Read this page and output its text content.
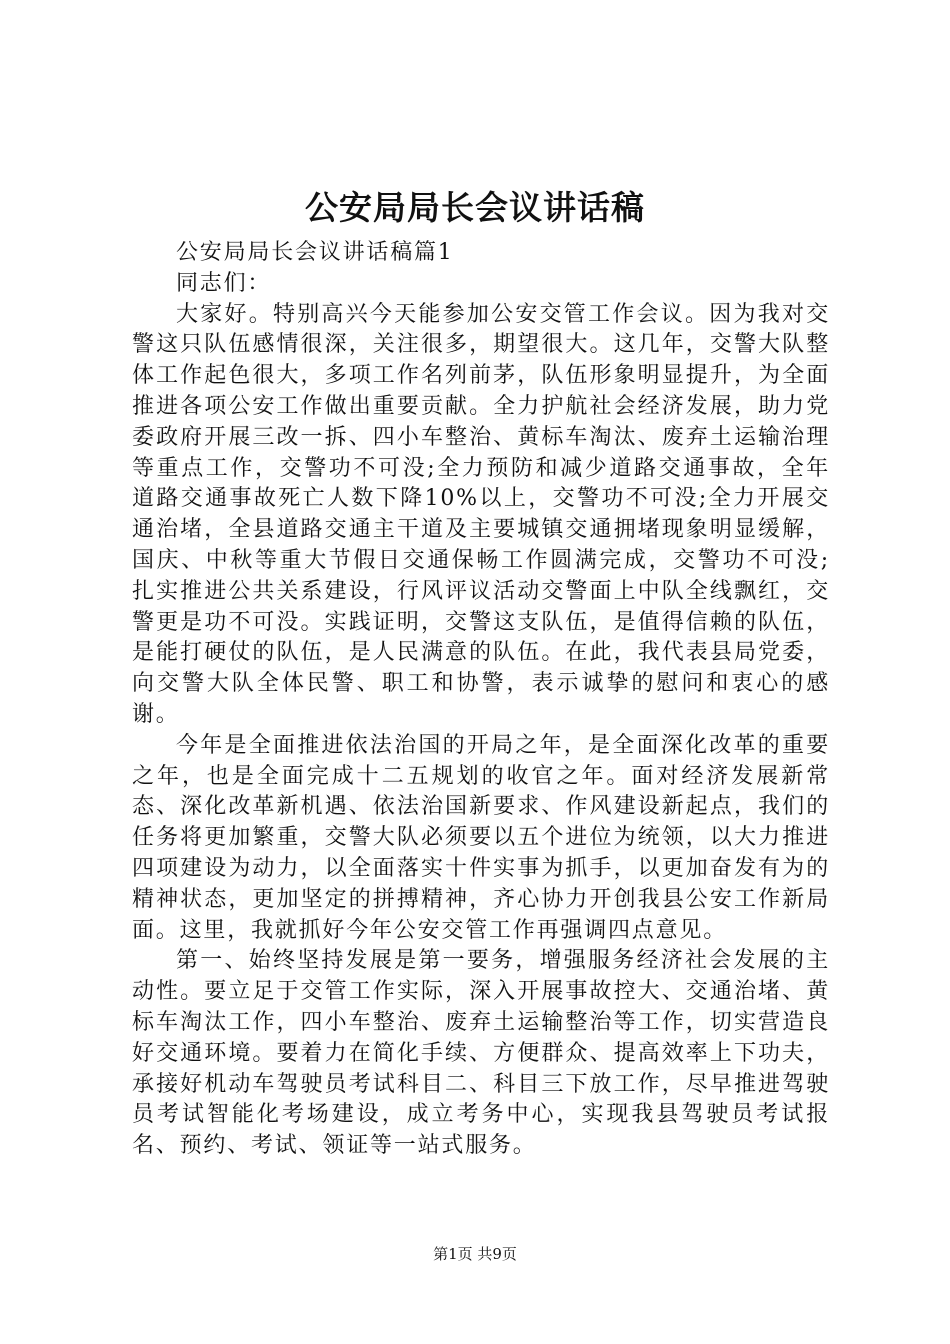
公安局局长会议讲话稿

公安局局长会议讲话稿篇1

同志们：

大家好。特别高兴今天能参加公安交管工作会议。因为我对交警这只队伍感情很深，关注很多，期望很大。这几年，交警大队整体工作起色很大，多项工作名列前茅，队伍形象明显提升，为全面推进各项公安工作做出重要贡献。全力护航社会经济发展，助力党委政府开展三改一拆、四小车整治、黄标车淘汰、废弃土运输治理等重点工作，交警功不可没;全力预防和减少道路交通事故，全年道路交通事故死亡人数下降10%以上，交警功不可没;全力开展交通治堵，全县道路交通主干道及主要城镇交通拥堵现象明显缓解，国庆、中秋等重大节假日交通保畅工作圆满完成，交警功不可没;扎实推进公共关系建设，行风评议活动交警面上中队全线飘红，交警更是功不可没。实践证明，交警这支队伍，是值得信赖的队伍，是能打硬仗的队伍，是人民满意的队伍。在此，我代表县局党委，向交警大队全体民警、职工和协警，表示诚挚的慰问和衷心的感谢。

今年是全面推进依法治国的开局之年，是全面深化改革的重要之年，也是全面完成十二五规划的收官之年。面对经济发展新常态、深化改革新机遇、依法治国新要求、作风建设新起点，我们的任务将更加繁重，交警大队必须要以五个进位为统领，以大力推进四项建设为动力，以全面落实十件实事为抓手，以更加奋发有为的精神状态，更加坚定的拼搏精神，齐心协力开创我县公安工作新局面。这里，我就抓好今年公安交管工作再强调四点意见。

第一、始终坚持发展是第一要务，增强服务经济社会发展的主动性。要立足于交管工作实际，深入开展事故控大、交通治堵、黄标车淘汰工作，四小车整治、废弃土运输整治等工作，切实营造良好交通环境。要着力在简化手续、方便群众、提高效率上下功夫，承接好机动车驾驶员考试科目二、科目三下放工作，尽早推进驾驶员考试智能化考场建设，成立考务中心，实现我县驾驶员考试报名、预约、考试、领证等一站式服务。

第1页 共9页
